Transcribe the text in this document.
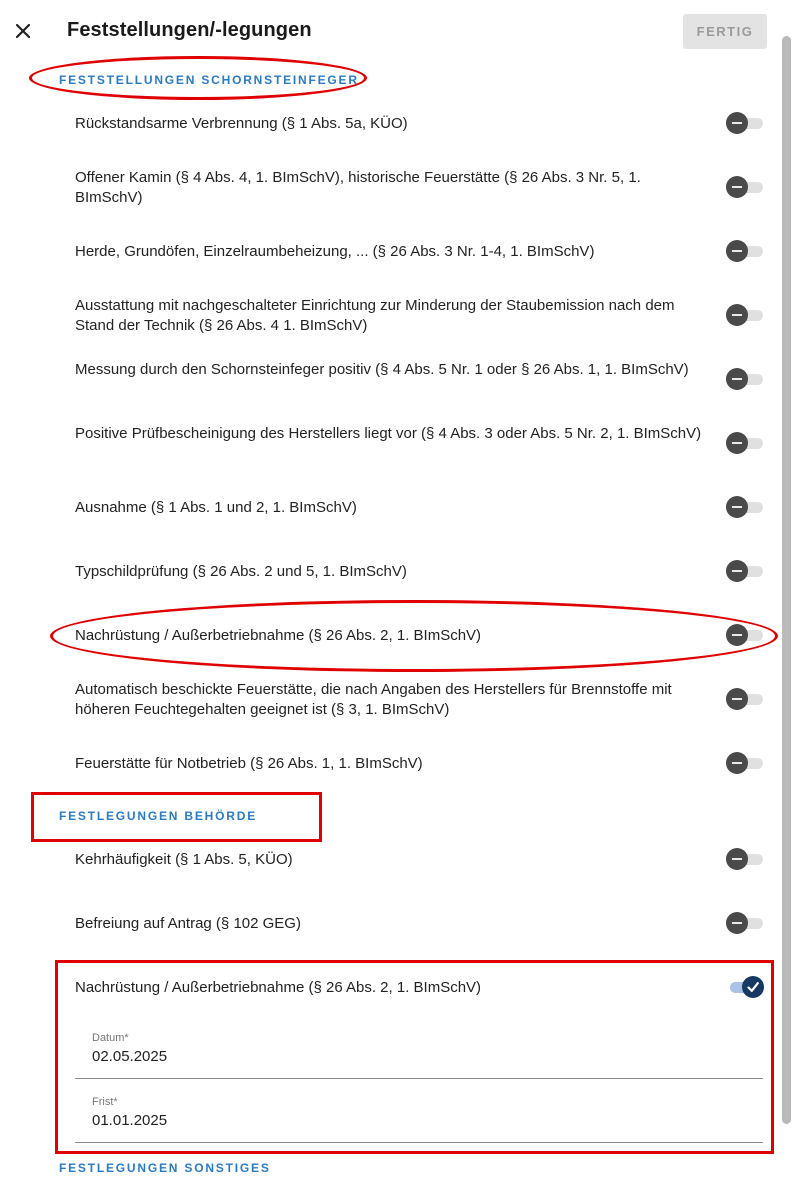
Feststellungen/-legungen	FERTIG
FESTSTELLUNGEN SCHORNSTEINFEGER
Rückstandsarme Verbrennung (§ 1 Abs. 5a, KÜO)
Offener Kamin (§ 4 Abs. 4, 1. BImSchV), historische Feuerstätte (§ 26 Abs. 3 Nr. 5, 1. BImSchV)
Herde, Grundöfen, Einzelraumbeheizung, ... (§ 26 Abs. 3 Nr. 1-4, 1. BImSchV)
Ausstattung mit nachgeschalteter Einrichtung zur Minderung der Staubemission nach dem Stand der Technik (§ 26 Abs. 4 1. BImSchV)
Messung durch den Schornsteinfeger positiv (§ 4 Abs. 5 Nr. 1 oder § 26 Abs. 1, 1. BImSchV)
Positive Prüfbescheinigung des Herstellers liegt vor (§ 4 Abs. 3 oder Abs. 5 Nr. 2, 1. BImSchV)
Ausnahme (§ 1 Abs. 1 und 2, 1. BImSchV)
Typschildprüfung (§ 26 Abs. 2 und 5, 1. BImSchV)
Nachrüstung / Außerbetriebnahme (§ 26 Abs. 2, 1. BImSchV)
Automatisch beschickte Feuerstätte, die nach Angaben des Herstellers für Brennstoffe mit höheren Feuchtegehalten geeignet ist (§ 3, 1. BImSchV)
Feuerstätte für Notbetrieb (§ 26 Abs. 1, 1. BImSchV)
FESTLEGUNGEN BEHÖRDE
Kehrhäufigkeit (§ 1 Abs. 5, KÜO)
Befreiung auf Antrag (§ 102 GEG)
Nachrüstung / Außerbetriebnahme (§ 26 Abs. 2, 1. BImSchV)
Datum*
02.05.2025
Frist*
01.01.2025
FESTLEGUNGEN SONSTIGES
